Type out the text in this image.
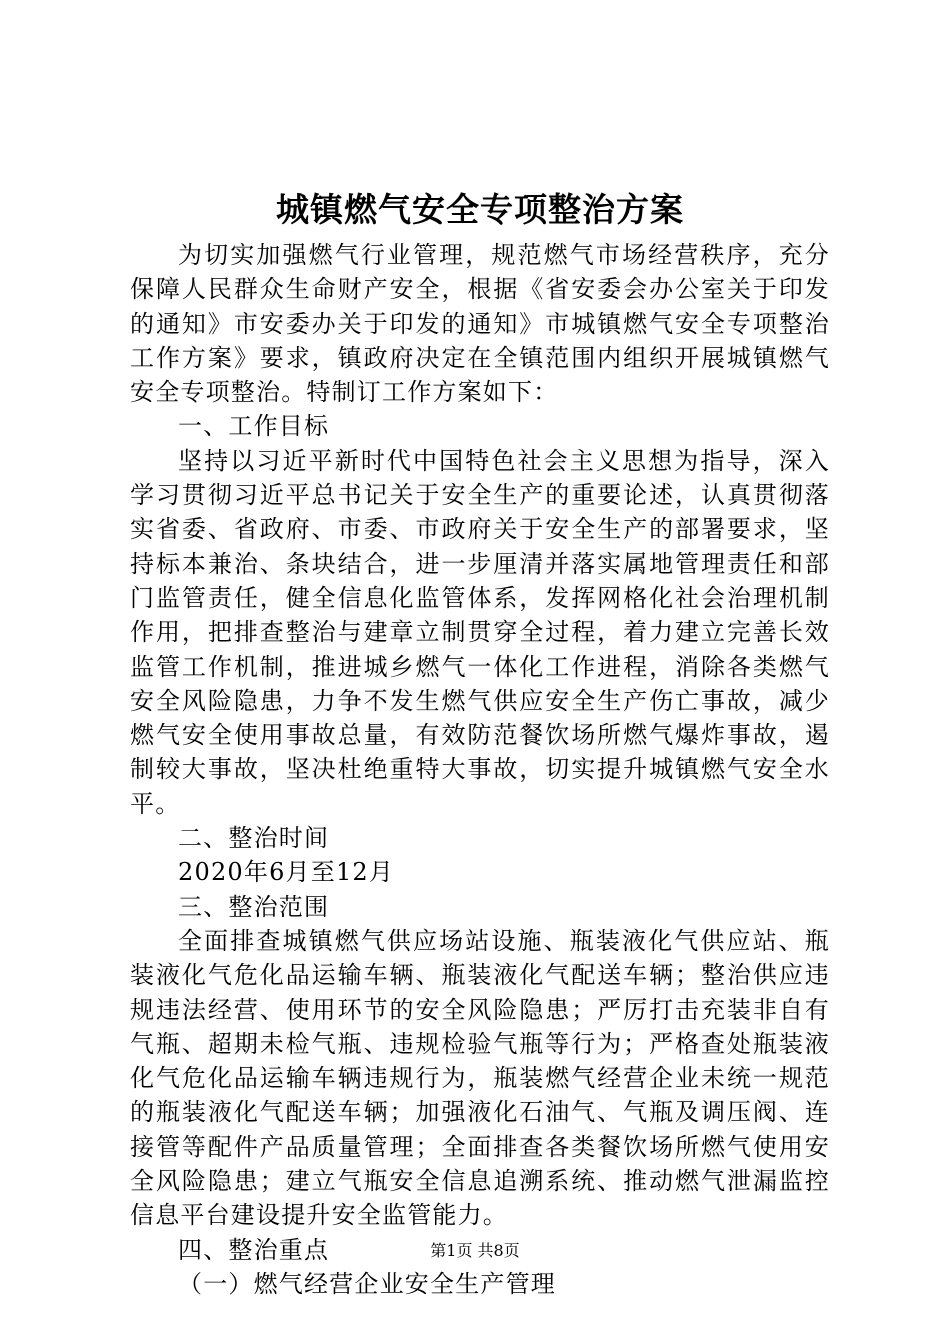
城镇燃气安全专项整治方案

为切实加强燃气行业管理，规范燃气市场经营秩序，充分保障人民群众生命财产安全，根据《省安委会办公室关于印发的通知》市安委办关于印发的通知》市城镇燃气安全专项整治工作方案》要求，镇政府决定在全镇范围内组织开展城镇燃气安全专项整治。特制订工作方案如下：

一、工作目标

坚持以习近平新时代中国特色社会主义思想为指导，深入学习贯彻习近平总书记关于安全生产的重要论述，认真贯彻落实省委、省政府、市委、市政府关于安全生产的部署要求，坚持标本兼治、条块结合，进一步厘清并落实属地管理责任和部门监管责任，健全信息化监管体系，发挥网格化社会治理机制作用，把排查整治与建章立制贯穿全过程，着力建立完善长效监管工作机制，推进城乡燃气一体化工作进程，消除各类燃气安全风险隐患，力争不发生燃气供应安全生产伤亡事故，减少燃气安全使用事故总量，有效防范餐饮场所燃气爆炸事故，遏制较大事故，坚决杜绝重特大事故，切实提升城镇燃气安全水平。

二、整治时间

2020年6月至12月

三、整治范围

全面排查城镇燃气供应场站设施、瓶装液化气供应站、瓶装液化气危化品运输车辆、瓶装液化气配送车辆；整治供应违规违法经营、使用环节的安全风险隐患；严厉打击充装非自有气瓶、超期未检气瓶、违规检验气瓶等行为；严格查处瓶装液化气危化品运输车辆违规行为，瓶装燃气经营企业未统一规范的瓶装液化气配送车辆；加强液化石油气、气瓶及调压阀、连接管等配件产品质量管理；全面排查各类餐饮场所燃气使用安全风险隐患；建立气瓶安全信息追溯系统、推动燃气泄漏监控信息平台建设提升安全监管能力。

四、整治重点

（一）燃气经营企业安全生产管理

第1页 共8页
